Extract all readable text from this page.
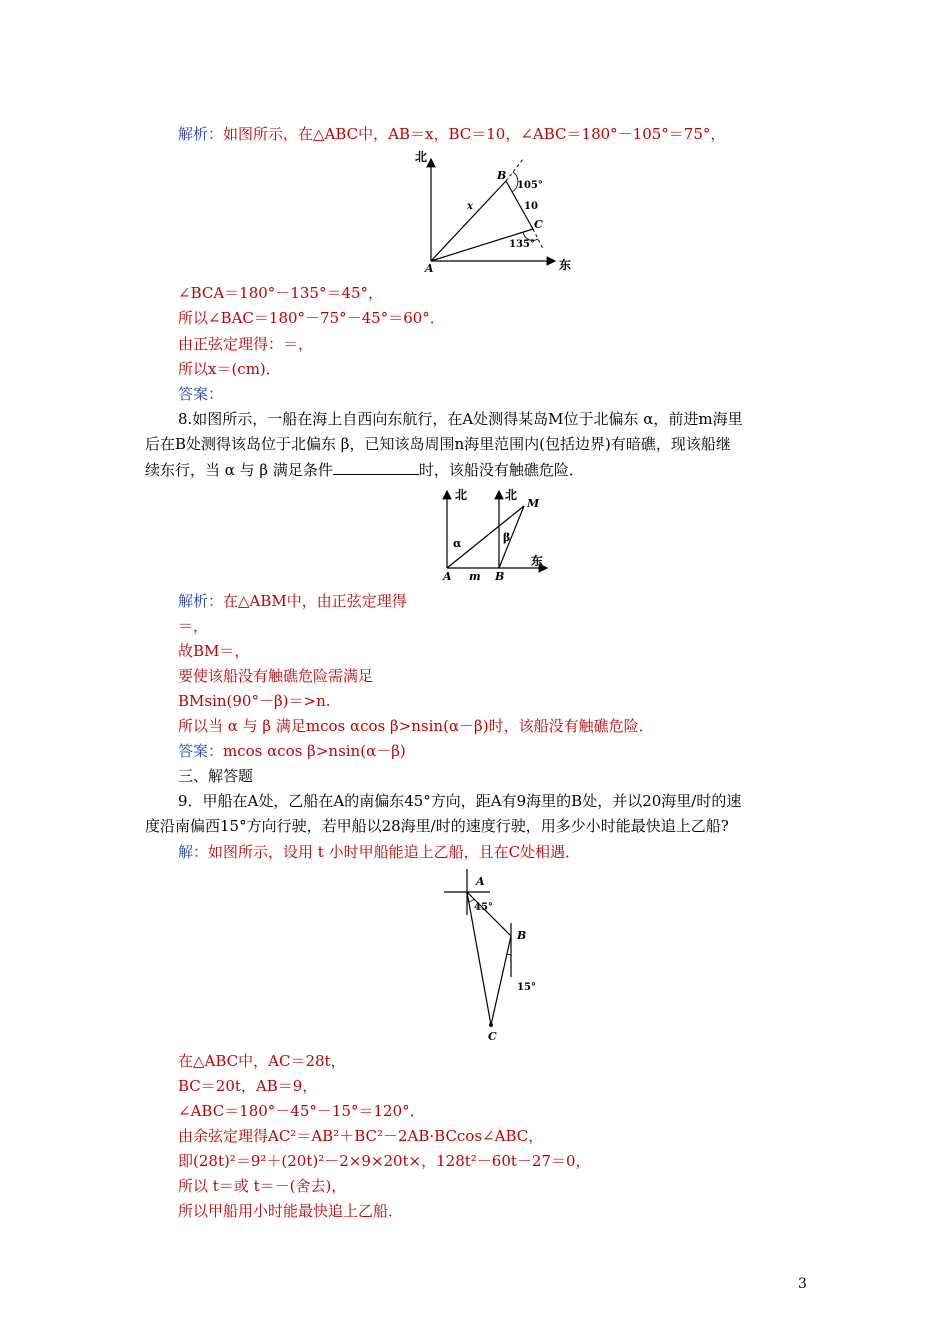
解析：如图所示，在△ABC中，AB＝x，BC＝10，∠ABC＝180°－105°＝75°，
北
东
A
B
C
x	10
105°
135°
∠BCA＝180°－135°＝45°，
所以∠BAC＝180°－75°－45°＝60°．
由正弦定理得：＝，
所以x＝(cm)．
答案：
8.如图所示，一船在海上自西向东航行，在A处测得某岛M位于北偏东 α，前进m海里
后在B处测得该岛位于北偏东 β，已知该岛周围n海里范围内(包括边界)有暗礁，现该船继
续东行，当 α 与 β 满足条件	时，该船没有触礁危险．
北	北
M
东
A	B
m
α	β
解析：在△ABM中，由正弦定理得
＝，
故BM＝，
要使该船没有触礁危险需满足
BMsin(90°－β)＝>n.
所以当 α 与 β 满足mcos αcos β>nsin(α－β)时，该船没有触礁危险．
答案：mcos αcos β>nsin(α－β)
三、解答题
9．甲船在A处，乙船在A的南偏东45°方向，距A有9海里的B处，并以20海里/时的速
度沿南偏西15°方向行驶，若甲船以28海里/时的速度行驶，用多少小时能最快追上乙船?
解：如图所示，设用 t 小时甲船能追上乙船，且在C处相遇．
A
B
C
45°
15°
在△ABC中，AC＝28t，
BC＝20t，AB＝9，
∠ABC＝180°－45°－15°＝120°．
由余弦定理得AC²＝AB²＋BC²－2AB·BCcos∠ABC，
即(28t)²＝9²＋(20t)²－2×9×20t×，128t²－60t－27＝0，
所以 t＝或 t＝－(舍去)，
所以甲船用小时能最快追上乙船．
3
